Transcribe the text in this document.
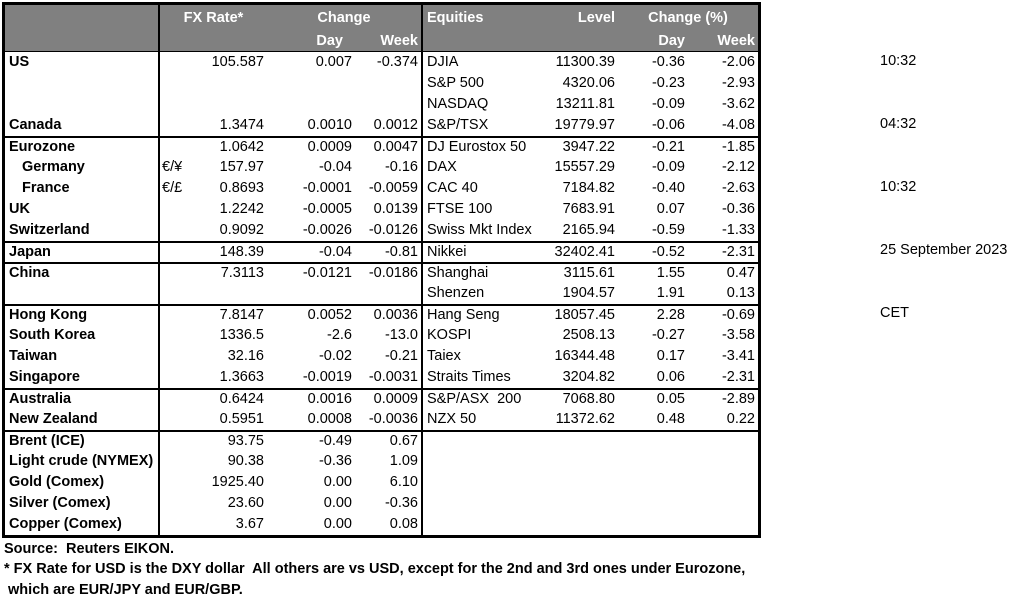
FX Rate*	Change
Day	Week
US	105.587	0.007	-0.374
Canada	1.3474	0.0010	0.0012
Eurozone	1.0642	0.0009	0.0047
Germany	€/¥	157.97	-0.04	-0.16
France	€/£	0.8693	-0.0001	-0.0059
UK	1.2242	-0.0005	0.0139
Switzerland	0.9092	-0.0026	-0.0126
Japan	148.39	-0.04	-0.81
China	7.3113	-0.0121	-0.0186
Hong Kong	7.8147	0.0052	0.0036
South Korea	1336.5	-2.6	-13.0
Taiwan	32.16	-0.02	-0.21
Singapore	1.3663	-0.0019	-0.0031
Australia	0.6424	0.0016	0.0009
New Zealand	0.5951	0.0008	-0.0036
Brent (ICE)	93.75	-0.49	0.67
Light crude (NYMEX)	90.38	-0.36	1.09
Gold (Comex)	1925.40	0.00	6.10
Silver (Comex)	23.60	0.00	-0.36
Copper (Comex)	3.67	0.00	0.08
Equities	Level	Change (%)
Day	Week
DJIA	11300.39	-0.36	-2.06
S&P 500	4320.06	-0.23	-2.93
NASDAQ	13211.81	-0.09	-3.62
S&P/TSX	19779.97	-0.06	-4.08
DJ Eurostox 50	3947.22	-0.21	-1.85
DAX	15557.29	-0.09	-2.12
CAC 40	7184.82	-0.40	-2.63
FTSE 100	7683.91	0.07	-0.36
Swiss Mkt Index	2165.94	-0.59	-1.33
Nikkei	32402.41	-0.52	-2.31
Shanghai	3115.61	1.55	0.47
Shenzen	1904.57	1.91	0.13
Hang Seng	18057.45	2.28	-0.69
KOSPI	2508.13	-0.27	-3.58
Taiex	16344.48	0.17	-3.41
Straits Times	3204.82	0.06	-2.31
S&P/ASX  200	7068.80	0.05	-2.89
NZX 50	11372.62	0.48	0.22

10:32

04:32

10:32

25 September 2023

CET

Source:  Reuters EIKON.
* FX Rate for USD is the DXY dollar  All others are vs USD, except for the 2nd and 3rd ones under Eurozone,
which are EUR/JPY and EUR/GBP.
